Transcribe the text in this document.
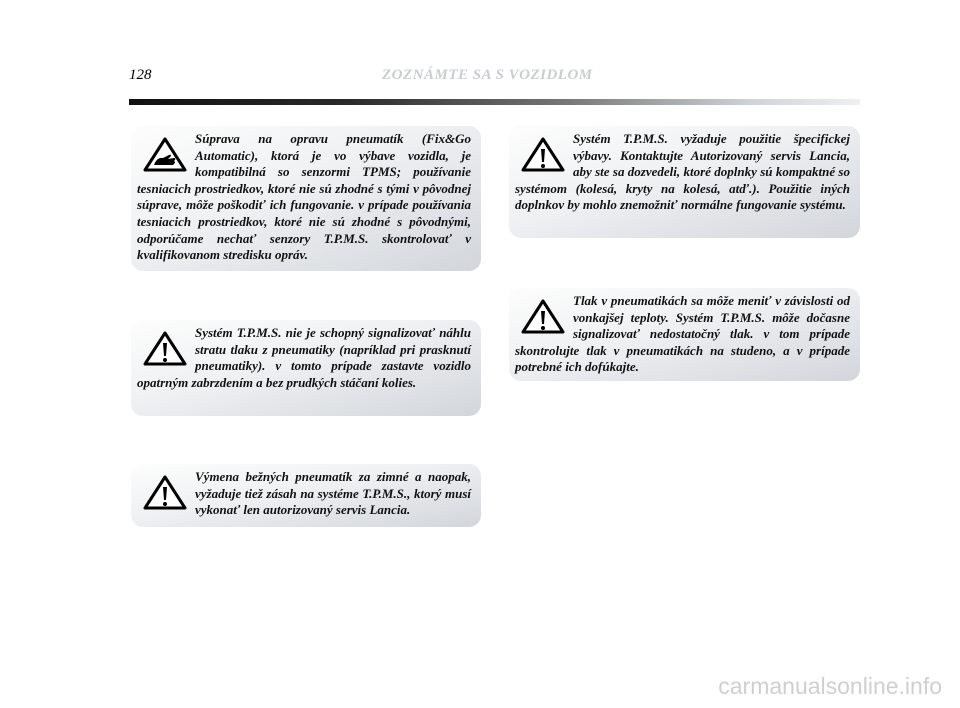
128	ZOZNÁMTE SA S VOZIDLOM

Súprava na opravu pneumatík (Fix&Go Automatic), ktorá je vo výbave vozidla, je kompatibilná so senzormi TPMS; používanie tesniacich prostriedkov, ktoré nie sú zhodné s tými v pôvodnej súprave, môže poškodiť ich fungovanie. v prípade používania tesniacich prostriedkov, ktoré nie sú zhodné s pôvodnými, odporúčame nechať senzory T.P.M.S. skontrolovať v kvalifikovanom stredisku opráv.

Systém T.P.M.S. vyžaduje použitie špecifickej výbavy. Kontaktujte Autorizovaný servis Lancia, aby ste sa dozvedeli, ktoré doplnky sú kompaktné so systémom (kolesá, kryty na kolesá, atď.). Použitie iných doplnkov by mohlo znemožniť normálne fungovanie systému.

Systém T.P.M.S. nie je schopný signalizovať náhlu stratu tlaku z pneumatiky (napríklad pri prasknutí pneumatiky). v tomto prípade zastavte vozidlo opatrným zabrzdením a bez prudkých stáčaní kolies.

Tlak v pneumatikách sa môže meniť v závislosti od vonkajšej teploty. Systém T.P.M.S. môže dočasne signalizovať nedostatočný tlak. v tom prípade skontrolujte tlak v pneumatikách na studeno, a v prípade potrebné ich dofúkajte.

Výmena bežných pneumatík za zimné a naopak, vyžaduje tiež zásah na systéme T.P.M.S., ktorý musí vykonať len autorizovaný servis Lancia.

carmanualsonline.info
